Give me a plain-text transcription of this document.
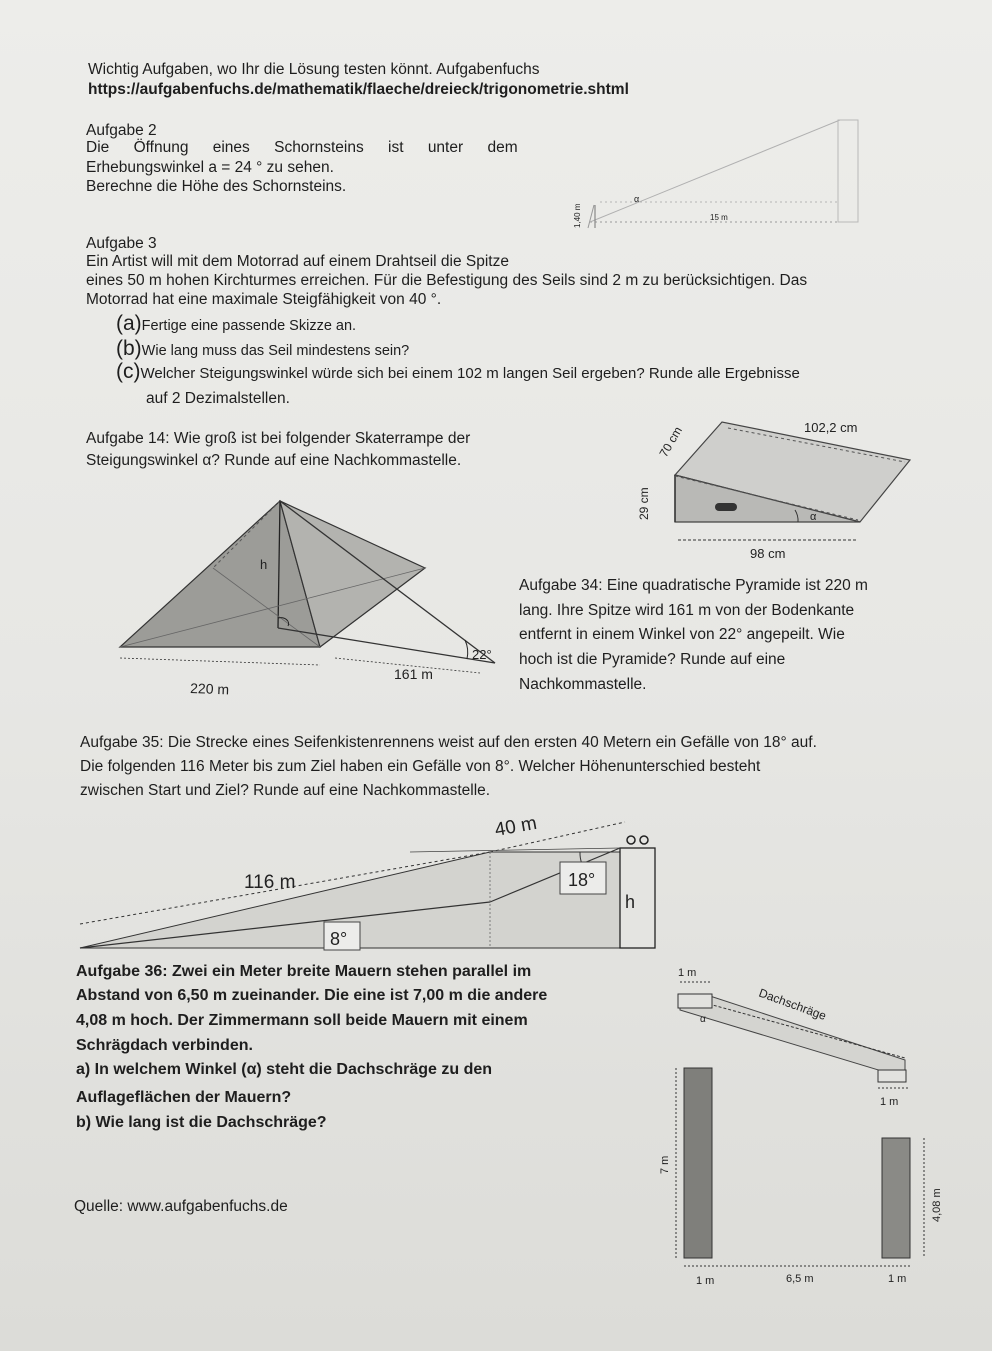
Wichtig Aufgaben, wo Ihr die Lösung testen könnt. Aufgabenfuchs
https://aufgabenfuchs.de/mathematik/flaeche/dreieck/trigonometrie.shtml
Aufgabe 2
Die Öffnung eines Schornsteins ist unter dem
Erhebungswinkel a = 24 ° zu sehen.
Berechne die Höhe des Schornsteins.
α
15 m
1,40 m
Aufgabe 3
Ein Artist will mit dem Motorrad auf einem Drahtseil die Spitze
eines 50 m hohen Kirchturmes erreichen. Für die Befestigung des Seils sind 2 m zu berücksichtigen. Das
Motorrad hat eine maximale Steigfähigkeit von 40 °.
(a)Fertige eine passende Skizze an.
(b)Wie lang muss das Seil mindestens sein?
(c)Welcher Steigungswinkel würde sich bei einem 102 m langen Seil ergeben? Runde alle Ergebnisse
auf 2 Dezimalstellen.
Aufgabe 14: Wie groß ist bei folgender Skaterrampe der
Steigungswinkel α? Runde auf eine Nachkommastelle.
102,2 cm
70 cm
29 cm
98 cm
α
h
220 m
161 m
22°
Aufgabe 34: Eine quadratische Pyramide ist 220 m
lang. Ihre Spitze wird 161 m von der Bodenkante
entfernt in einem Winkel von 22° angepeilt. Wie
hoch ist die Pyramide? Runde auf eine
Nachkommastelle.
Aufgabe 35: Die Strecke eines Seifenkistenrennens weist auf den ersten 40 Metern ein Gefälle von 18° auf.
Die folgenden 116 Meter bis zum Ziel haben ein Gefälle von 8°. Welcher Höhenunterschied besteht
zwischen Start und Ziel? Runde auf eine Nachkommastelle.
40 m
116 m	18°
8°
h
Aufgabe 36: Zwei ein Meter breite Mauern stehen parallel im
Abstand von 6,50 m zueinander. Die eine ist 7,00 m die andere
4,08 m hoch. Der Zimmermann soll beide Mauern mit einem
Schrägdach verbinden.
a) In welchem Winkel (α) steht die Dachschräge zu den
Auflageflächen der Mauern?
b) Wie lang ist die Dachschräge?
1 m
Dachschräge
α
1 m
7 m
4,08 m
1 m	6,5 m	1 m
Quelle: www.aufgabenfuchs.de
